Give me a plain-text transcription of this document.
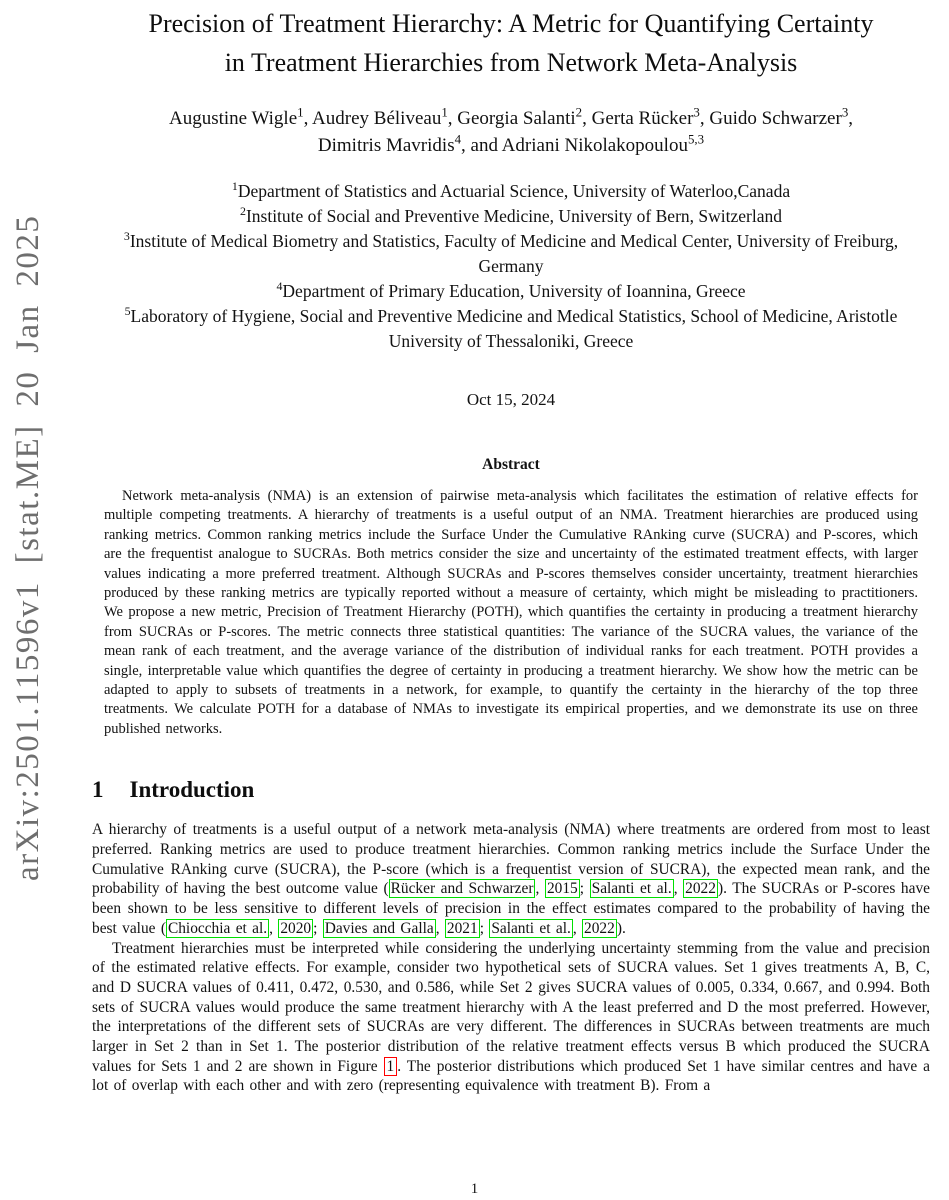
arXiv:2501.11596v1 [stat.ME] 20 Jan 2025
Precision of Treatment Hierarchy: A Metric for Quantifying Certainty
in Treatment Hierarchies from Network Meta-Analysis
Augustine Wigle$^1$, Audrey Béliveau$^1$, Georgia Salanti$^2$, Gerta Rücker$^3$, Guido Schwarzer$^3$,
Dimitris Mavridis$^4$, and Adriani Nikolakopoulou$^{5,3}$
$^1$Department of Statistics and Actuarial Science, University of Waterloo,Canada
$^2$Institute of Social and Preventive Medicine, University of Bern, Switzerland
$^3$Institute of Medical Biometry and Statistics, Faculty of Medicine and Medical Center, University of Freiburg, Germany
$^4$Department of Primary Education, University of Ioannina, Greece
$^5$Laboratory of Hygiene, Social and Preventive Medicine and Medical Statistics, School of Medicine, Aristotle University of Thessaloniki, Greece
Oct 15, 2024
Abstract

Network meta-analysis (NMA) is an extension of pairwise meta-analysis which facilitates the estimation of relative effects for multiple competing treatments. A hierarchy of treatments is a useful output of an NMA. Treatment hierarchies are produced using ranking metrics. Common ranking metrics include the Surface Under the Cumulative RAnking curve (SUCRA) and P-scores, which are the frequentist analogue to SUCRAs. Both metrics consider the size and uncertainty of the estimated treatment effects, with larger values indicating a more preferred treatment. Although SUCRAs and P-scores themselves consider uncertainty, treatment hierarchies produced by these ranking metrics are typically reported without a measure of certainty, which might be misleading to practitioners. We propose a new metric, Precision of Treatment Hierarchy (POTH), which quantifies the certainty in producing a treatment hierarchy from SUCRAs or P-scores. The metric connects three statistical quantities: The variance of the SUCRA values, the variance of the mean rank of each treatment, and the average variance of the distribution of individual ranks for each treatment. POTH provides a single, interpretable value which quantifies the degree of certainty in producing a treatment hierarchy. We show how the metric can be adapted to apply to subsets of treatments in a network, for example, to quantify the certainty in the hierarchy of the top three treatments. We calculate POTH for a database of NMAs to investigate its empirical properties, and we demonstrate its use on three published networks.

1 Introduction

A hierarchy of treatments is a useful output of a network meta-analysis (NMA) where treatments are ordered from most to least preferred. Ranking metrics are used to produce treatment hierarchies. Common ranking metrics include the Surface Under the Cumulative RAnking curve (SUCRA), the P-score (which is a frequentist version of SUCRA), the expected mean rank, and the probability of having the best outcome value ( Rücker and Schwarzer , 2015 ; Salanti et al. , 2022 ). The SUCRAs or P-scores have been shown to be less sensitive to different levels of precision in the effect estimates compared to the probability of having the best value ( Chiocchia et al. , 2020 ; Davies and Galla , 2021 ; Salanti et al. , 2022 ).

Treatment hierarchies must be interpreted while considering the underlying uncertainty stemming from the value and precision of the estimated relative effects. For example, consider two hypothetical sets of SUCRA values. Set 1 gives treatments A, B, C, and D SUCRA values of 0.411, 0.472, 0.530, and 0.586, while Set 2 gives SUCRA values of 0.005, 0.334, 0.667, and 0.994. Both sets of SUCRA values would produce the same treatment hierarchy with A the least preferred and D the most preferred. However, the interpretations of the different sets of SUCRAs are very different. The differences in SUCRAs between treatments are much larger in Set 2 than in Set 1. The posterior distribution of the relative treatment effects versus B which produced the SUCRA values for Sets 1 and 2 are shown in Figure 1 . The posterior distributions which produced Set 1 have similar centres and have a lot of overlap with each other and with zero (representing equivalence with treatment B). From a

1
